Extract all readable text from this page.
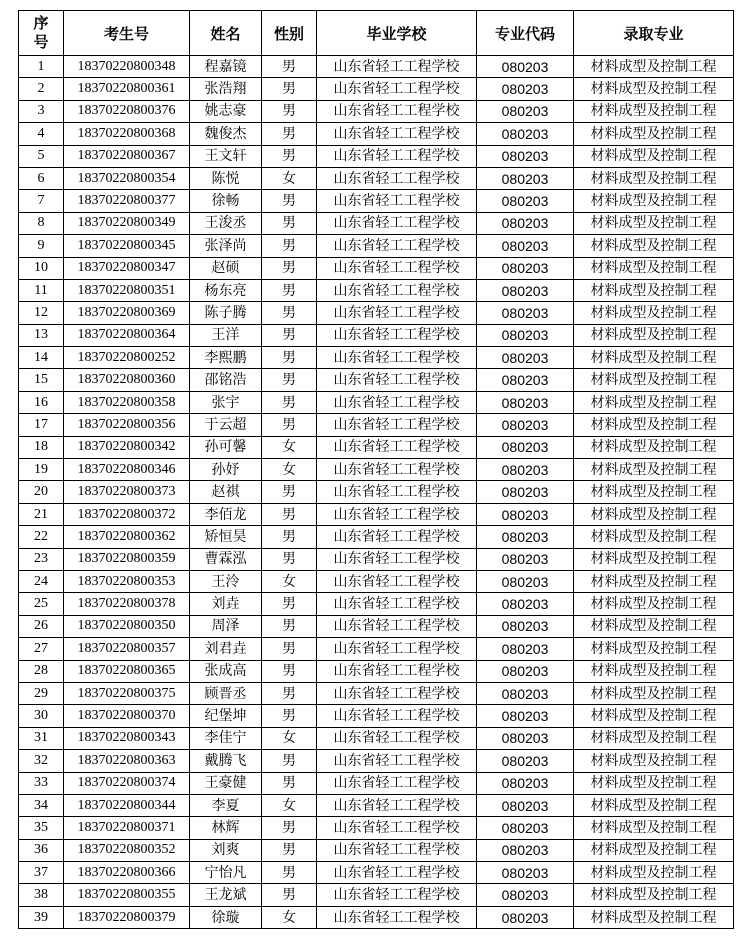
序号	考生号	姓名	性别	毕业学校	专业代码	录取专业
1	18370220800348	程嘉镜	男	山东省轻工工程学校	080203	材料成型及控制工程
2	18370220800361	张浩翔	男	山东省轻工工程学校	080203	材料成型及控制工程
3	18370220800376	姚志豪	男	山东省轻工工程学校	080203	材料成型及控制工程
4	18370220800368	魏俊杰	男	山东省轻工工程学校	080203	材料成型及控制工程
5	18370220800367	王文轩	男	山东省轻工工程学校	080203	材料成型及控制工程
6	18370220800354	陈悦	女	山东省轻工工程学校	080203	材料成型及控制工程
7	18370220800377	徐畅	男	山东省轻工工程学校	080203	材料成型及控制工程
8	18370220800349	王浚丞	男	山东省轻工工程学校	080203	材料成型及控制工程
9	18370220800345	张泽尚	男	山东省轻工工程学校	080203	材料成型及控制工程
10	18370220800347	赵硕	男	山东省轻工工程学校	080203	材料成型及控制工程
11	18370220800351	杨东亮	男	山东省轻工工程学校	080203	材料成型及控制工程
12	18370220800369	陈子腾	男	山东省轻工工程学校	080203	材料成型及控制工程
13	18370220800364	王洋	男	山东省轻工工程学校	080203	材料成型及控制工程
14	18370220800252	李熙鹏	男	山东省轻工工程学校	080203	材料成型及控制工程
15	18370220800360	邵铭浩	男	山东省轻工工程学校	080203	材料成型及控制工程
16	18370220800358	张宇	男	山东省轻工工程学校	080203	材料成型及控制工程
17	18370220800356	于云超	男	山东省轻工工程学校	080203	材料成型及控制工程
18	18370220800342	孙可馨	女	山东省轻工工程学校	080203	材料成型及控制工程
19	18370220800346	孙妤	女	山东省轻工工程学校	080203	材料成型及控制工程
20	18370220800373	赵祺	男	山东省轻工工程学校	080203	材料成型及控制工程
21	18370220800372	李佰龙	男	山东省轻工工程学校	080203	材料成型及控制工程
22	18370220800362	矫恒昊	男	山东省轻工工程学校	080203	材料成型及控制工程
23	18370220800359	曹霖泓	男	山东省轻工工程学校	080203	材料成型及控制工程
24	18370220800353	王泠	女	山东省轻工工程学校	080203	材料成型及控制工程
25	18370220800378	刘垚	男	山东省轻工工程学校	080203	材料成型及控制工程
26	18370220800350	周泽	男	山东省轻工工程学校	080203	材料成型及控制工程
27	18370220800357	刘君垚	男	山东省轻工工程学校	080203	材料成型及控制工程
28	18370220800365	张成高	男	山东省轻工工程学校	080203	材料成型及控制工程
29	18370220800375	顾晋丞	男	山东省轻工工程学校	080203	材料成型及控制工程
30	18370220800370	纪堡坤	男	山东省轻工工程学校	080203	材料成型及控制工程
31	18370220800343	李佳宁	女	山东省轻工工程学校	080203	材料成型及控制工程
32	18370220800363	戴腾飞	男	山东省轻工工程学校	080203	材料成型及控制工程
33	18370220800374	王豪健	男	山东省轻工工程学校	080203	材料成型及控制工程
34	18370220800344	李夏	女	山东省轻工工程学校	080203	材料成型及控制工程
35	18370220800371	林辉	男	山东省轻工工程学校	080203	材料成型及控制工程
36	18370220800352	刘爽	男	山东省轻工工程学校	080203	材料成型及控制工程
37	18370220800366	宁怡凡	男	山东省轻工工程学校	080203	材料成型及控制工程
38	18370220800355	王龙斌	男	山东省轻工工程学校	080203	材料成型及控制工程
39	18370220800379	徐璇	女	山东省轻工工程学校	080203	材料成型及控制工程
